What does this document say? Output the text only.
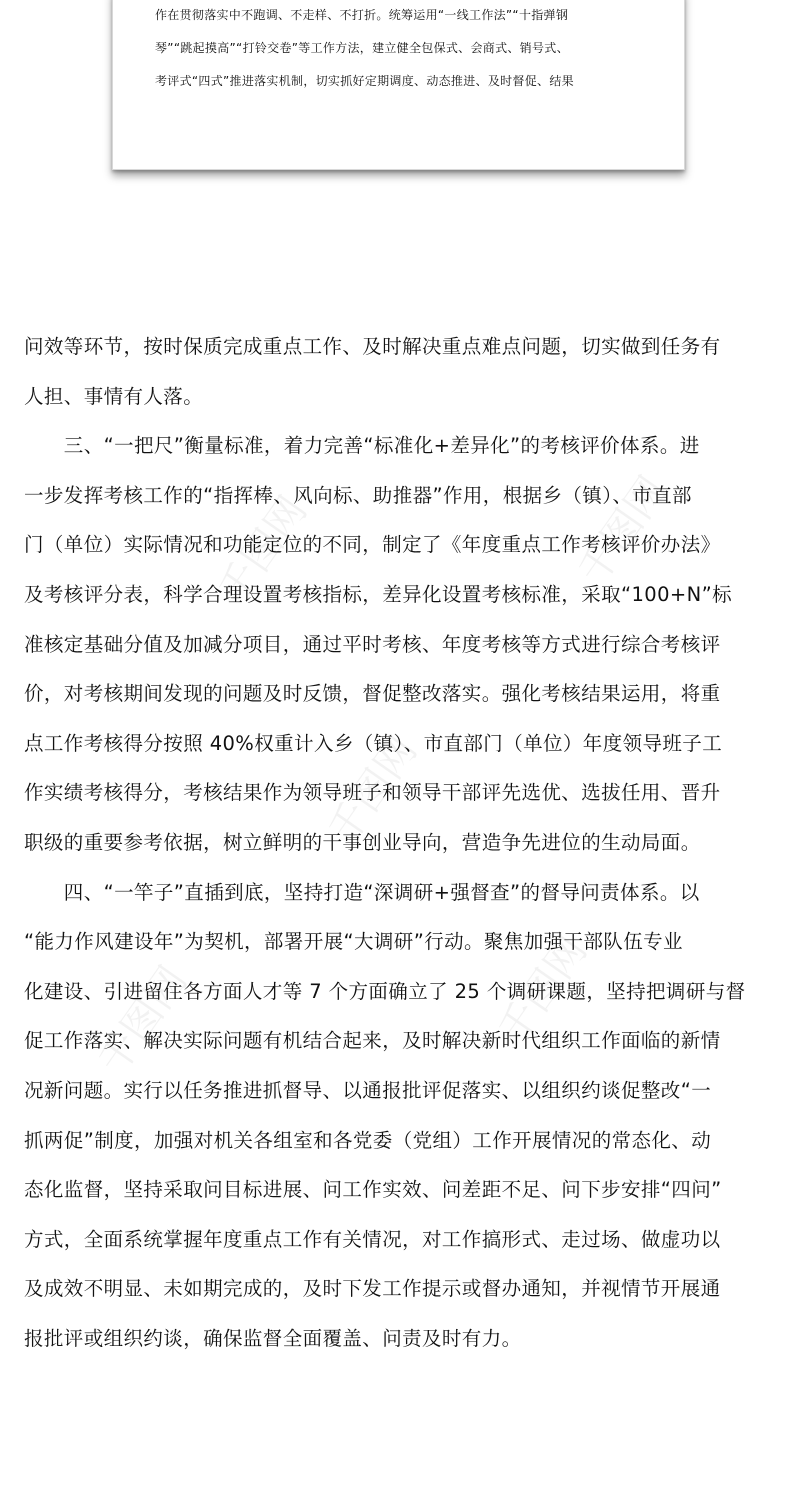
作在贯彻落实中不跑调、不走样、不打折。统筹运用“一线工作法”“十指弹钢
琴”“跳起摸高”“打铃交卷”等工作方法，建立健全包保式、会商式、销号式、
考评式“四式”推进落实机制，切实抓好定期调度、动态推进、及时督促、结果
千图网	千图网
千图网
千图网	千图网
问效等环节，按时保质完成重点工作、及时解决重点难点问题，切实做到任务有
人担、事情有人落。
　　三、“一把尺”衡量标准，着力完善“标准化+差异化”的考核评价体系。进
一步发挥考核工作的“指挥棒、风向标、助推器”作用，根据乡（镇）、市直部
门（单位）实际情况和功能定位的不同，制定了《年度重点工作考核评价办法》
及考核评分表，科学合理设置考核指标，差异化设置考核标准，采取“100+N”标
准核定基础分值及加减分项目，通过平时考核、年度考核等方式进行综合考核评
价，对考核期间发现的问题及时反馈，督促整改落实。强化考核结果运用，将重
点工作考核得分按照 40%权重计入乡（镇）、市直部门（单位）年度领导班子工
作实绩考核得分，考核结果作为领导班子和领导干部评先选优、选拔任用、晋升
职级的重要参考依据，树立鲜明的干事创业导向，营造争先进位的生动局面。
　　四、“一竿子”直插到底，坚持打造“深调研+强督查”的督导问责体系。以
“能力作风建设年”为契机，部署开展“大调研”行动。聚焦加强干部队伍专业
化建设、引进留住各方面人才等 7 个方面确立了 25 个调研课题，坚持把调研与督
促工作落实、解决实际问题有机结合起来，及时解决新时代组织工作面临的新情
况新问题。实行以任务推进抓督导、以通报批评促落实、以组织约谈促整改“一
抓两促”制度，加强对机关各组室和各党委（党组）工作开展情况的常态化、动
态化监督，坚持采取问目标进展、问工作实效、问差距不足、问下步安排“四问”
方式，全面系统掌握年度重点工作有关情况，对工作搞形式、走过场、做虚功以
及成效不明显、未如期完成的，及时下发工作提示或督办通知，并视情节开展通
报批评或组织约谈，确保监督全面覆盖、问责及时有力。
